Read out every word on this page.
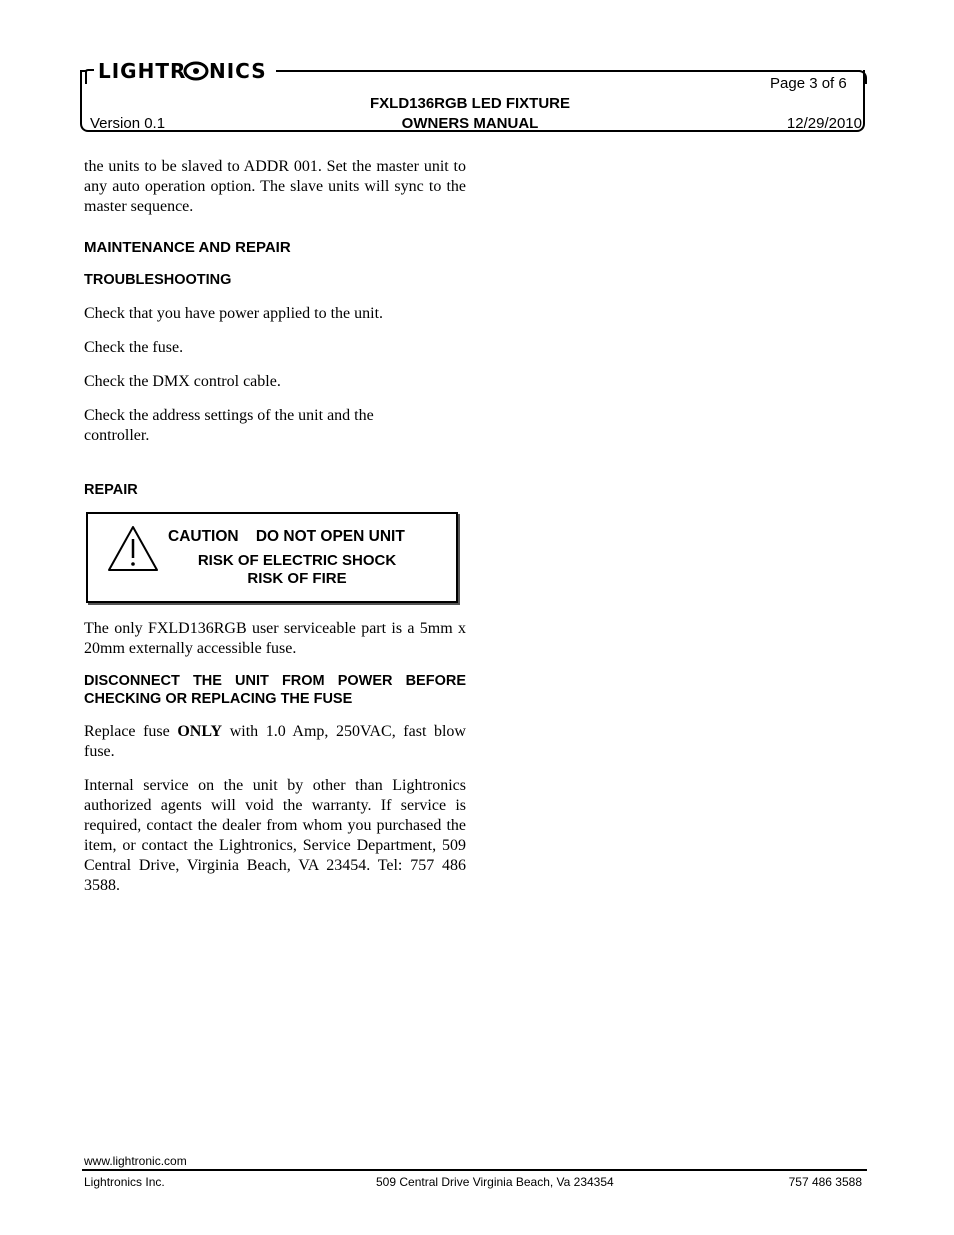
LIGHTR NICS
Page 3 of 6
FXLD136RGB LED FIXTURE
OWNERS MANUAL
Version 0.1	12/29/2010

the units to be slaved to ADDR 001. Set the master unit to any auto operation option. The slave units will sync to the master sequence.

MAINTENANCE AND REPAIR

TROUBLESHOOTING

Check that you have power applied to the unit.

Check the fuse.

Check the DMX control cable.

Check the address settings of the unit and the controller.

REPAIR

CAUTION    DO NOT OPEN UNIT
RISK OF ELECTRIC SHOCK
RISK OF FIRE

The only FXLD136RGB user serviceable part is a 5mm x 20mm externally accessible fuse.

DISCONNECT THE UNIT FROM POWER BEFORE CHECKING OR REPLACING THE FUSE

Replace fuse ONLY with 1.0 Amp, 250VAC, fast blow fuse.

Internal service on the unit by other than Lightronics authorized agents will void the warranty. If service is required, contact the dealer from whom you purchased the item, or contact the Lightronics, Service Department, 509 Central Drive, Virginia Beach, VA 23454. Tel: 757 486 3588.

www.lightronic.com
Lightronics Inc.	509 Central Drive Virginia Beach, Va 234354	757 486 3588
